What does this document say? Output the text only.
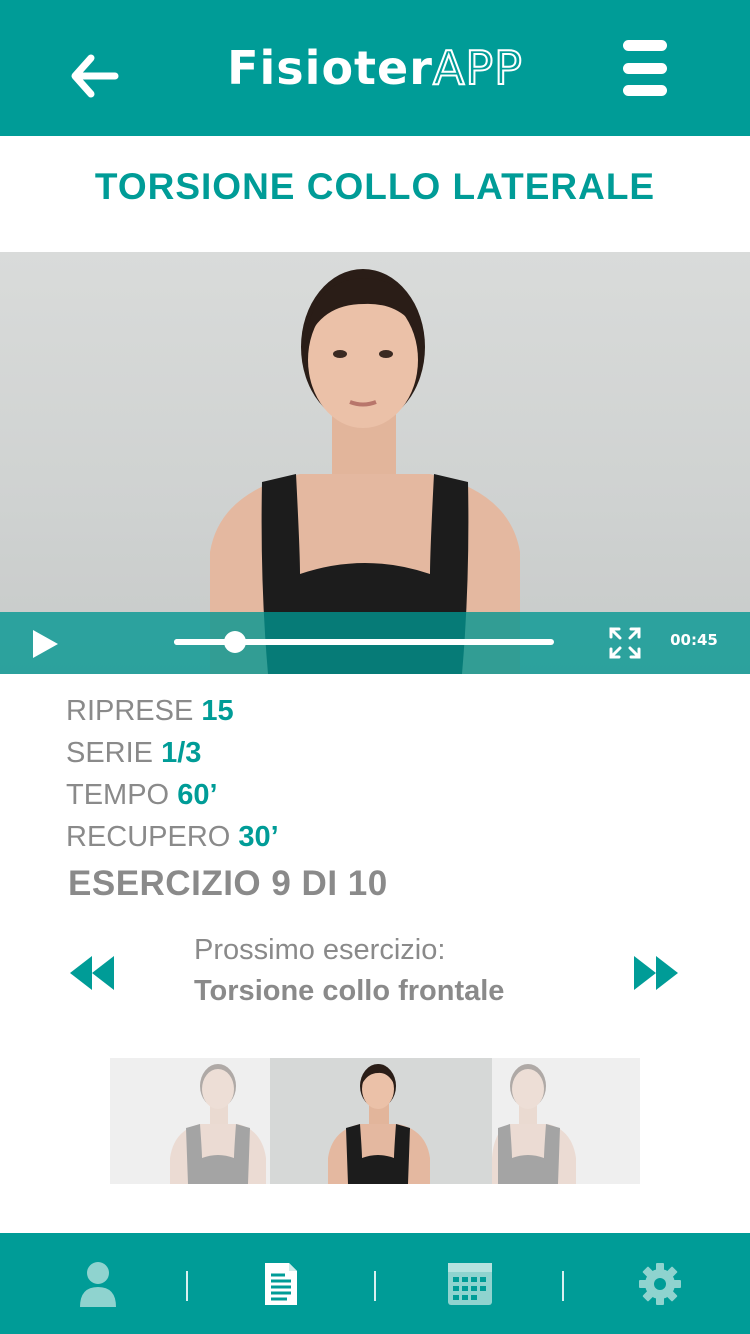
FisioterAPP
TORSIONE COLLO LATERALE
00:45
RIPRESE 15
SERIE 1/3
TEMPO 60’
RECUPERO 30’
ESERCIZIO 9 DI 10
Prossimo esercizio:
Torsione collo frontale
